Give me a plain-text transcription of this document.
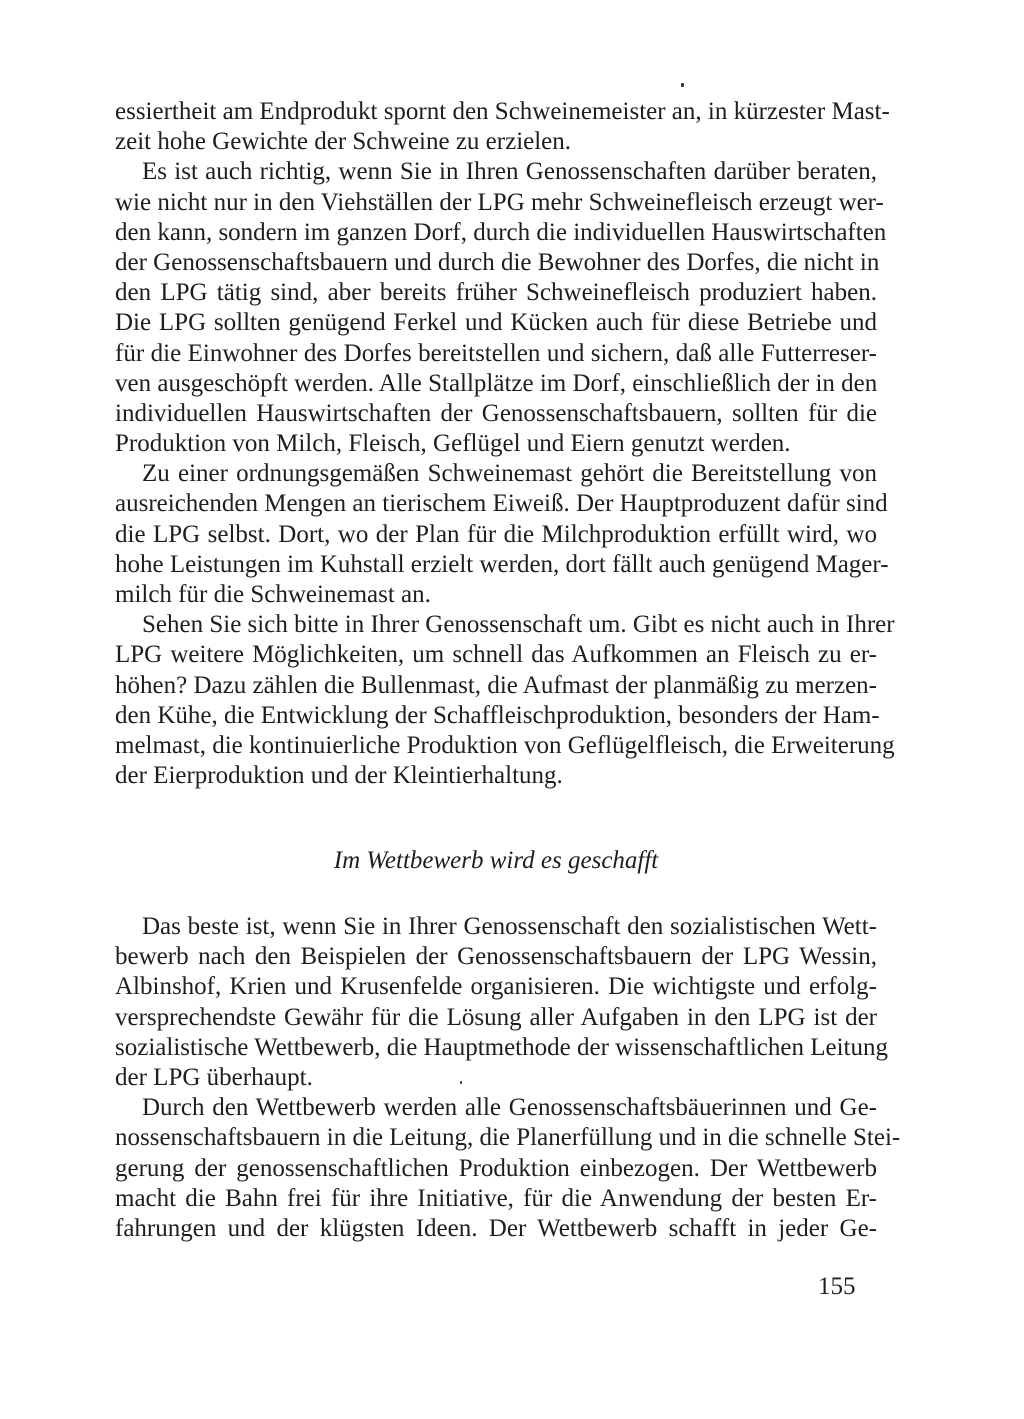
essiertheit am Endprodukt spornt den Schweinemeister an, in kürzester Mast-
zeit hohe Gewichte der Schweine zu erzielen.
Es ist auch richtig, wenn Sie in Ihren Genossenschaften darüber beraten,
wie nicht nur in den Viehställen der LPG mehr Schweinefleisch erzeugt wer-
den kann, sondern im ganzen Dorf, durch die individuellen Hauswirtschaften
der Genossenschaftsbauern und durch die Bewohner des Dorfes, die nicht in
den LPG tätig sind, aber bereits früher Schweinefleisch produziert haben.
Die LPG sollten genügend Ferkel und Kücken auch für diese Betriebe und
für die Einwohner des Dorfes bereitstellen und sichern, daß alle Futterreser-
ven ausgeschöpft werden. Alle Stallplätze im Dorf, einschließlich der in den
individuellen Hauswirtschaften der Genossenschaftsbauern, sollten für die
Produktion von Milch, Fleisch, Geflügel und Eiern genutzt werden.
Zu einer ordnungsgemäßen Schweinemast gehört die Bereitstellung von
ausreichenden Mengen an tierischem Eiweiß. Der Hauptproduzent dafür sind
die LPG selbst. Dort, wo der Plan für die Milchproduktion erfüllt wird, wo
hohe Leistungen im Kuhstall erzielt werden, dort fällt auch genügend Mager-
milch für die Schweinemast an.
Sehen Sie sich bitte in Ihrer Genossenschaft um. Gibt es nicht auch in Ihrer
LPG weitere Möglichkeiten, um schnell das Aufkommen an Fleisch zu er-
höhen? Dazu zählen die Bullenmast, die Aufmast der planmäßig zu merzen-
den Kühe, die Entwicklung der Schaffleischproduktion, besonders der Ham-
melmast, die kontinuierliche Produktion von Geflügelfleisch, die Erweiterung
der Eierproduktion und der Kleintierhaltung.
Im Wettbewerb wird es geschafft
Das beste ist, wenn Sie in Ihrer Genossenschaft den sozialistischen Wett-
bewerb nach den Beispielen der Genossenschaftsbauern der LPG Wessin,
Albinshof, Krien und Krusenfelde organisieren. Die wichtigste und erfolg-
versprechendste Gewähr für die Lösung aller Aufgaben in den LPG ist der
sozialistische Wettbewerb, die Hauptmethode der wissenschaftlichen Leitung
der LPG überhaupt.
Durch den Wettbewerb werden alle Genossenschaftsbäuerinnen und Ge-
nossenschaftsbauern in die Leitung, die Planerfüllung und in die schnelle Stei-
gerung der genossenschaftlichen Produktion einbezogen. Der Wettbewerb
macht die Bahn frei für ihre Initiative, für die Anwendung der besten Er-
fahrungen und der klügsten Ideen. Der Wettbewerb schafft in jeder Ge-
155
